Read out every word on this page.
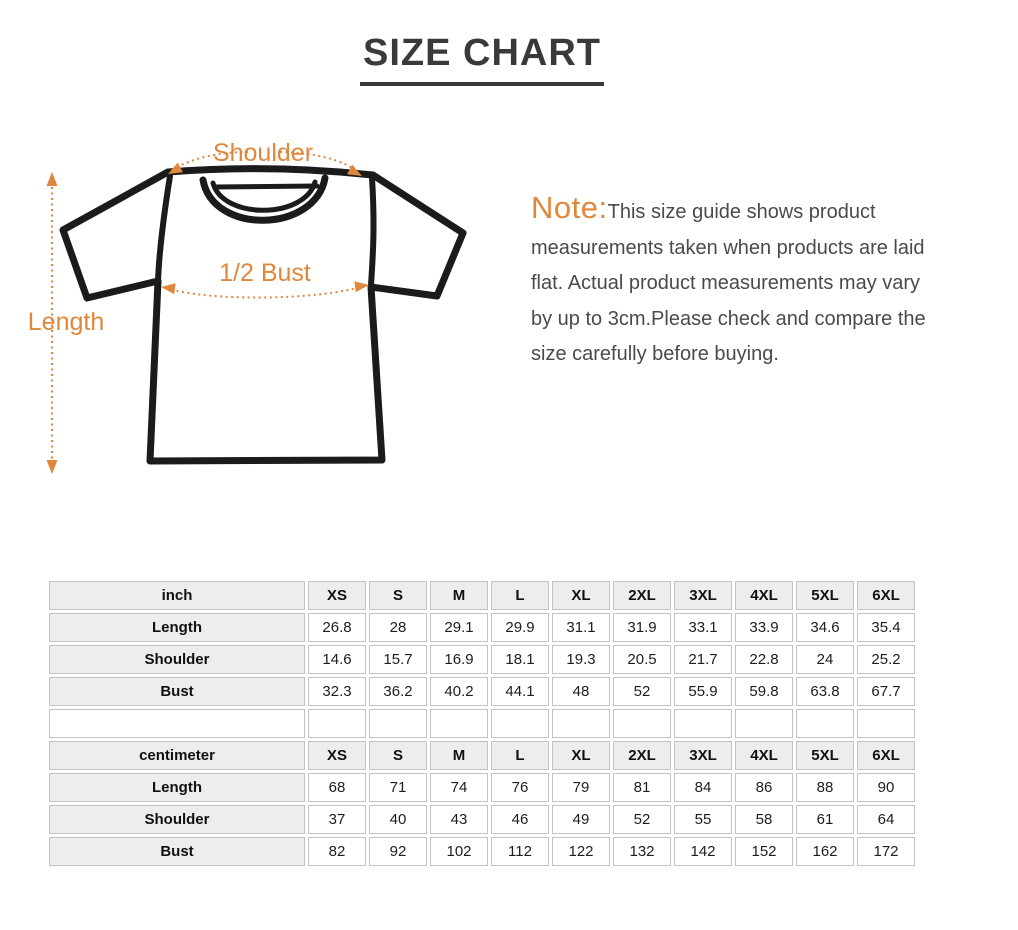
SIZE CHART
Shoulder
1/2 Bust
Length

Note:This size guide shows product measurements taken when products are laid flat. Actual product measurements may vary by up to 3cm.Please check and compare the size carefully before buying.

inch	XS	S	M	L	XL	2XL	3XL	4XL	5XL	6XL
Length	26.8	28	29.1	29.9	31.1	31.9	33.1	33.9	34.6	35.4
Shoulder	14.6	15.7	16.9	18.1	19.3	20.5	21.7	22.8	24	25.2
Bust	32.3	36.2	40.2	44.1	48	52	55.9	59.8	63.8	67.7

centimeter	XS	S	M	L	XL	2XL	3XL	4XL	5XL	6XL
Length	68	71	74	76	79	81	84	86	88	90
Shoulder	37	40	43	46	49	52	55	58	61	64
Bust	82	92	102	112	122	132	142	152	162	172
